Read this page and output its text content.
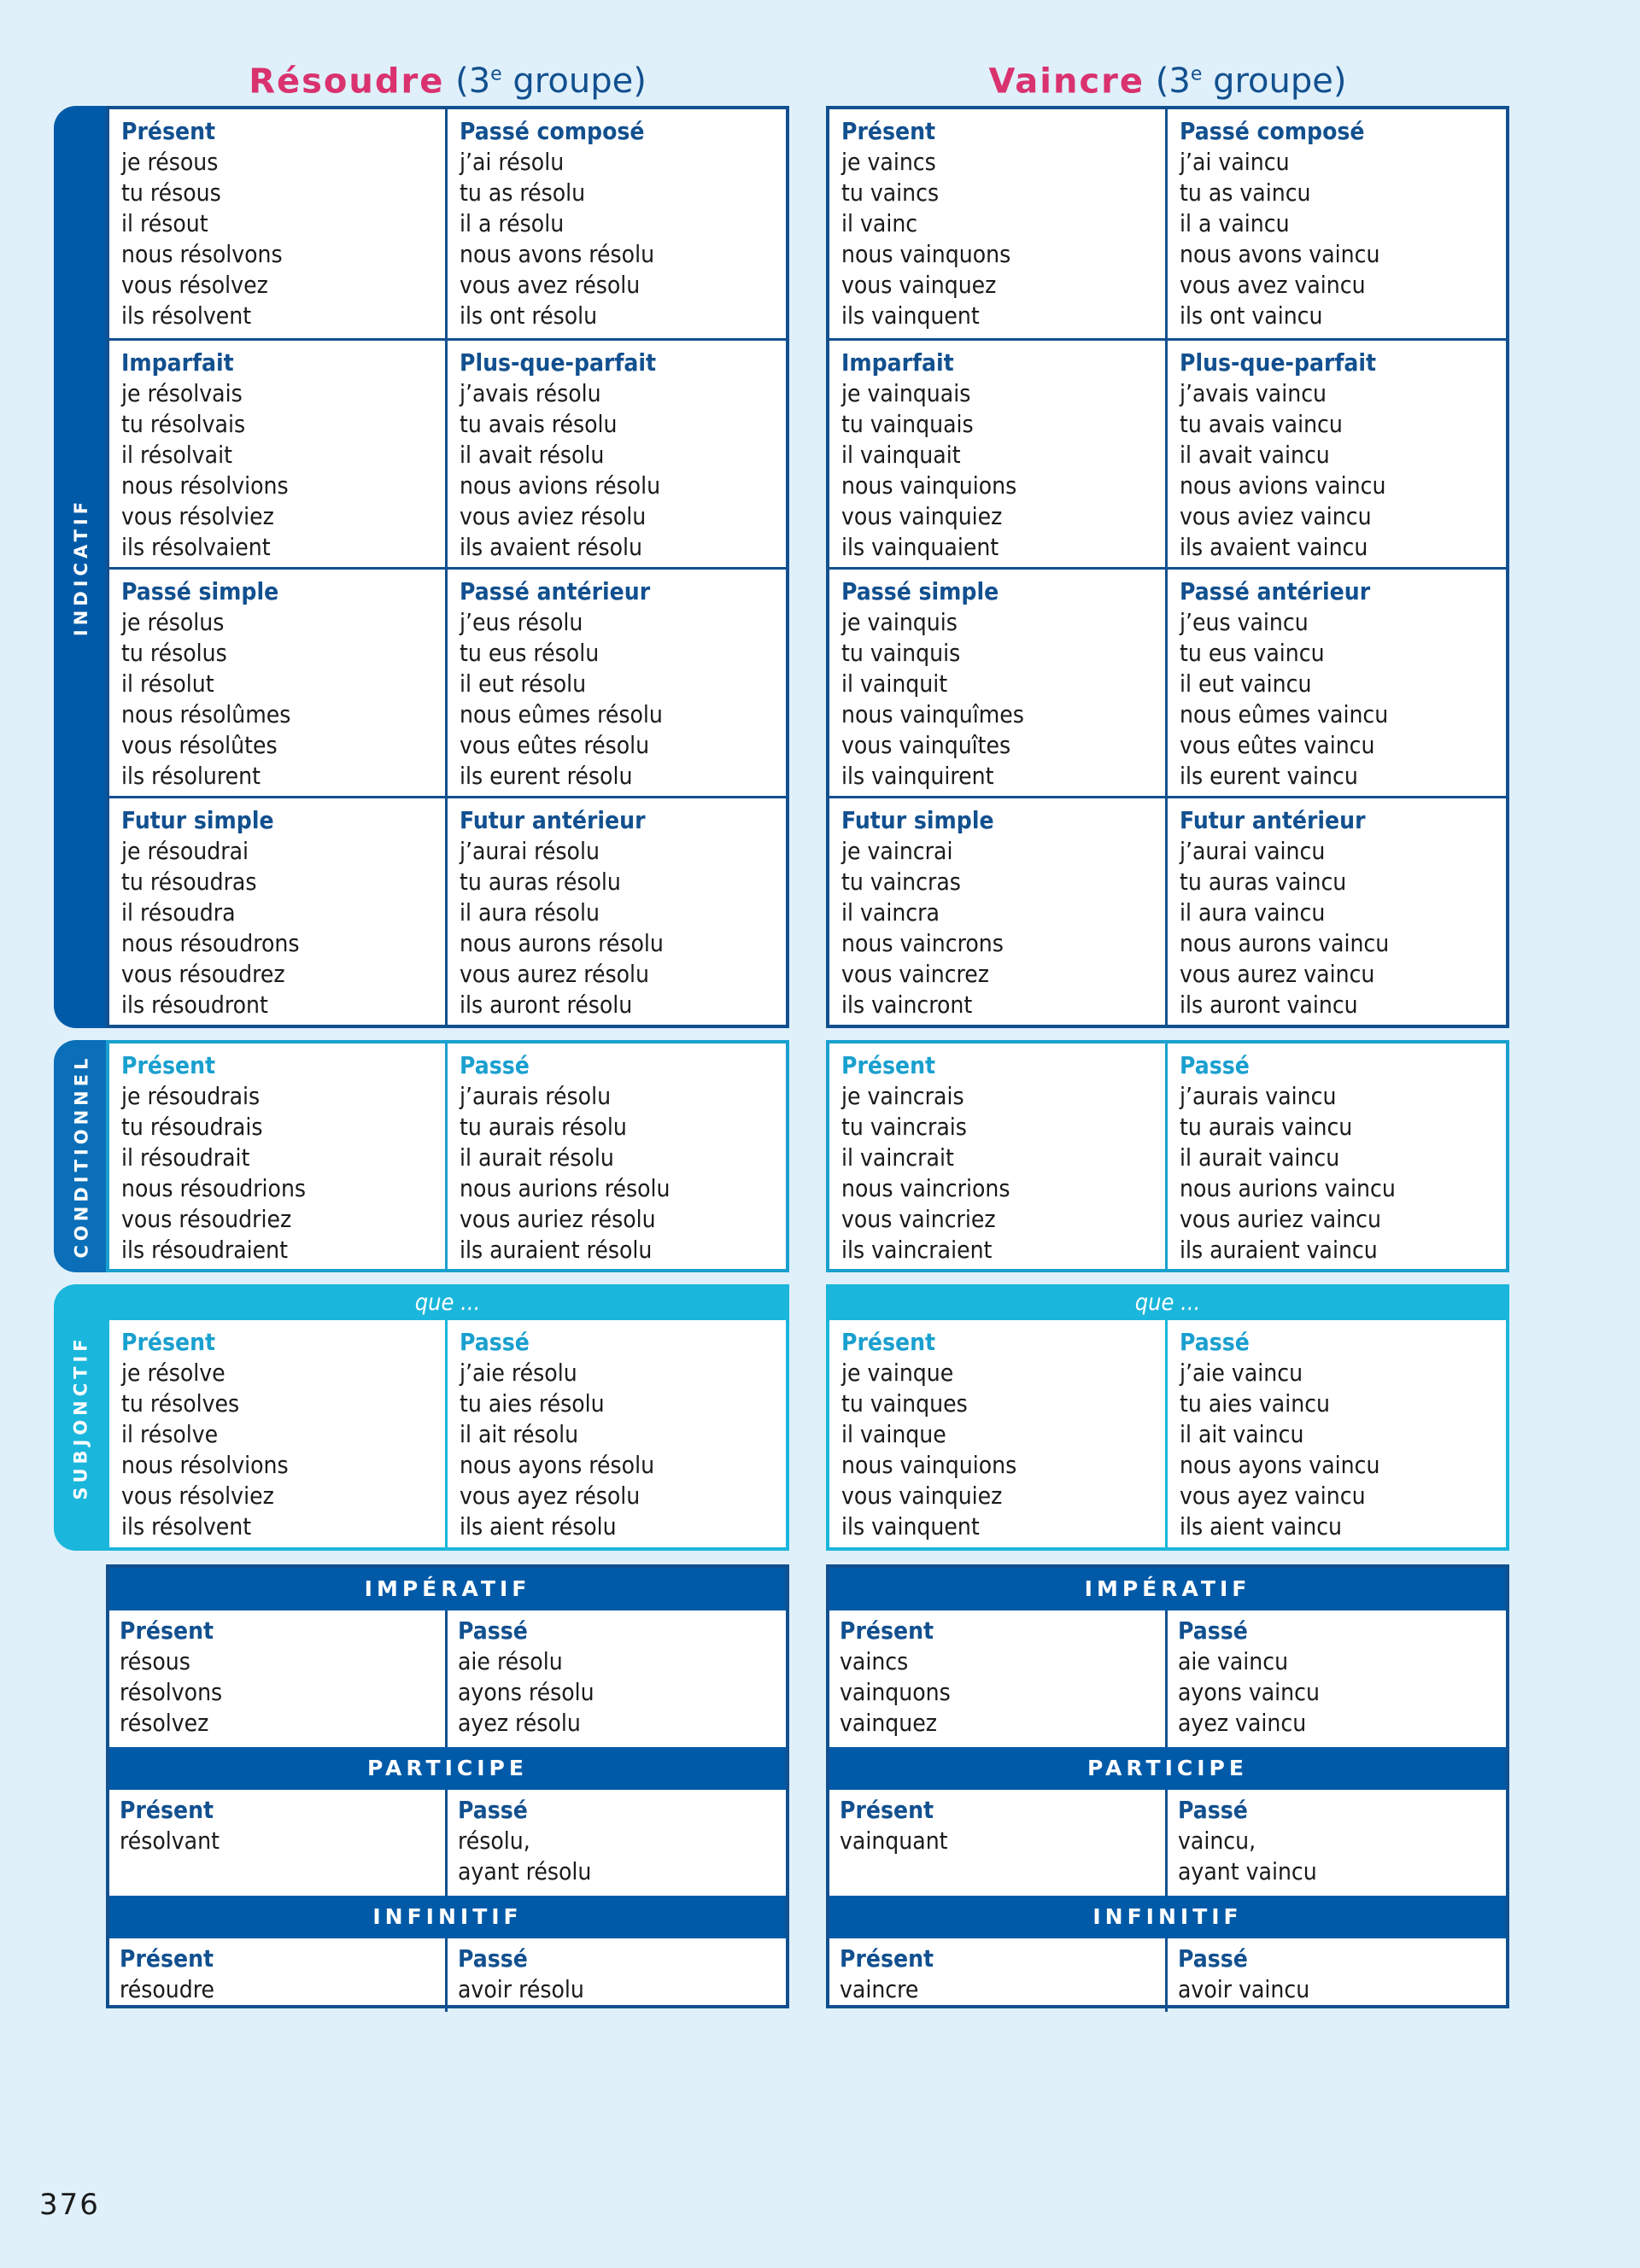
Résoudre (3e groupe)	Vaincre (3e groupe)
INDICATIF
CONDITIONNEL
SUBJONCTIF
Présent
je résous
tu résous
il résout
nous résolvons
vous résolvez
ils résolvent
Passé composé
j’ai résolu
tu as résolu
il a résolu
nous avons résolu
vous avez résolu
ils ont résolu
Imparfait
je résolvais
tu résolvais
il résolvait
nous résolvions
vous résolviez
ils résolvaient
Plus-que-parfait
j’avais résolu
tu avais résolu
il avait résolu
nous avions résolu
vous aviez résolu
ils avaient résolu
Passé simple
je résolus
tu résolus
il résolut
nous résolûmes
vous résolûtes
ils résolurent
Passé antérieur
j’eus résolu
tu eus résolu
il eut résolu
nous eûmes résolu
vous eûtes résolu
ils eurent résolu
Futur simple
je résoudrai
tu résoudras
il résoudra
nous résoudrons
vous résoudrez
ils résoudront
Futur antérieur
j’aurai résolu
tu auras résolu
il aura résolu
nous aurons résolu
vous aurez résolu
ils auront résolu
Présent
je vaincs
tu vaincs
il vainc
nous vainquons
vous vainquez
ils vainquent
Passé composé
j’ai vaincu
tu as vaincu
il a vaincu
nous avons vaincu
vous avez vaincu
ils ont vaincu
Imparfait
je vainquais
tu vainquais
il vainquait
nous vainquions
vous vainquiez
ils vainquaient
Plus-que-parfait
j’avais vaincu
tu avais vaincu
il avait vaincu
nous avions vaincu
vous aviez vaincu
ils avaient vaincu
Passé simple
je vainquis
tu vainquis
il vainquit
nous vainquîmes
vous vainquîtes
ils vainquirent
Passé antérieur
j’eus vaincu
tu eus vaincu
il eut vaincu
nous eûmes vaincu
vous eûtes vaincu
ils eurent vaincu
Futur simple
je vaincrai
tu vaincras
il vaincra
nous vaincrons
vous vaincrez
ils vaincront
Futur antérieur
j’aurai vaincu
tu auras vaincu
il aura vaincu
nous aurons vaincu
vous aurez vaincu
ils auront vaincu
Présent
je résoudrais
tu résoudrais
il résoudrait
nous résoudrions
vous résoudriez
ils résoudraient
Passé
j’aurais résolu
tu aurais résolu
il aurait résolu
nous aurions résolu
vous auriez résolu
ils auraient résolu
Présent
je vaincrais
tu vaincrais
il vaincrait
nous vaincrions
vous vaincriez
ils vaincraient
Passé
j’aurais vaincu
tu aurais vaincu
il aurait vaincu
nous aurions vaincu
vous auriez vaincu
ils auraient vaincu
que ...	que ...
Présent
je résolve
tu résolves
il résolve
nous résolvions
vous résolviez
ils résolvent
Passé
j’aie résolu
tu aies résolu
il ait résolu
nous ayons résolu
vous ayez résolu
ils aient résolu
Présent
je vainque
tu vainques
il vainque
nous vainquions
vous vainquiez
ils vainquent
Passé
j’aie vaincu
tu aies vaincu
il ait vaincu
nous ayons vaincu
vous ayez vaincu
ils aient vaincu
IMPÉRATIF
Présent
résous
résolvons
résolvez
Passé
aie résolu
ayons résolu
ayez résolu
PARTICIPE
Présent
résolvant
Passé
résolu,
ayant résolu
INFINITIF
Présent
résoudre
Passé
avoir résolu
IMPÉRATIF
Présent
vaincs
vainquons
vainquez
Passé
aie vaincu
ayons vaincu
ayez vaincu
PARTICIPE
Présent
vainquant
Passé
vaincu,
ayant vaincu
INFINITIF
Présent
vaincre
Passé
avoir vaincu
376
